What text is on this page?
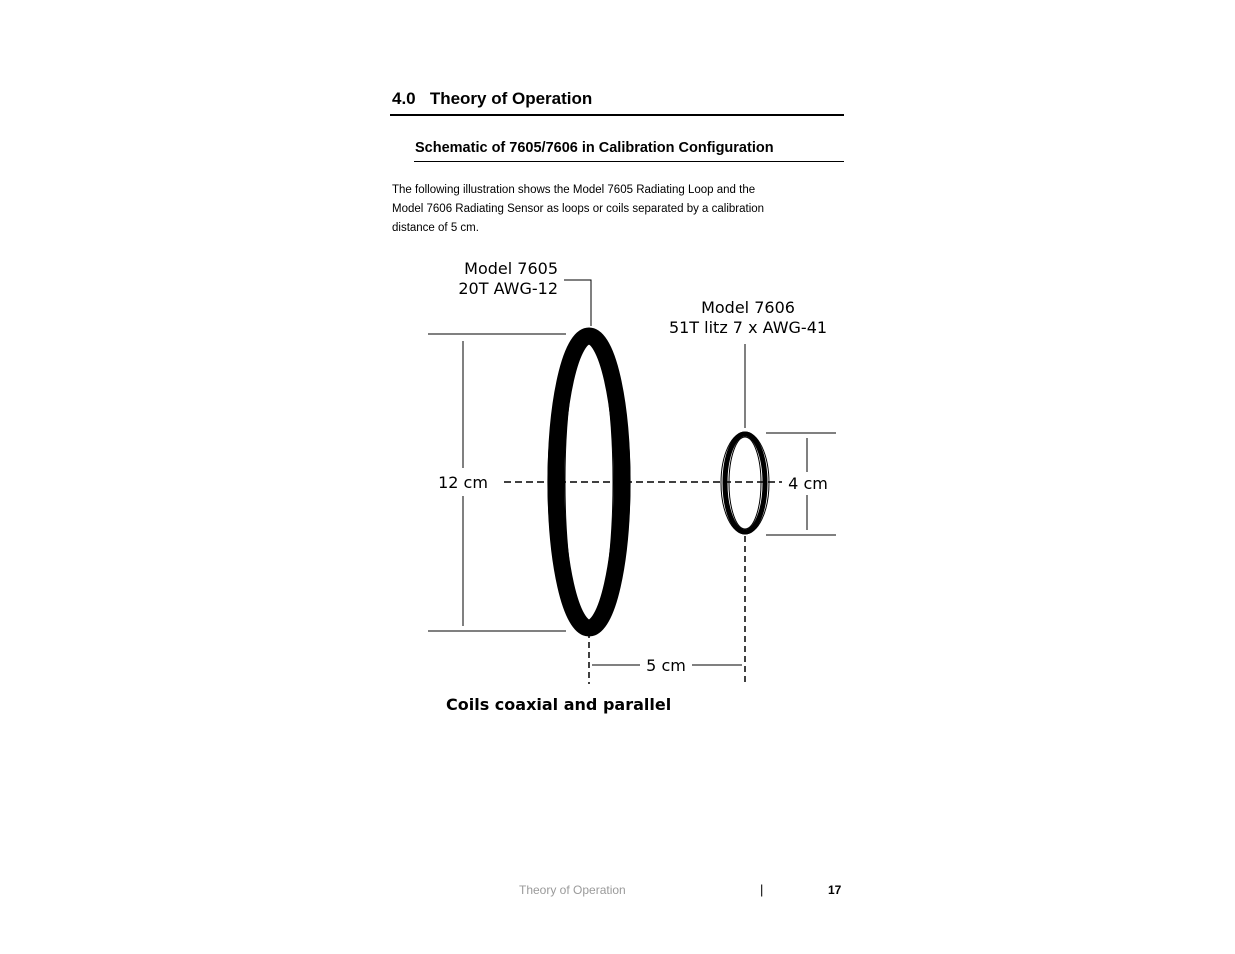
4.0 Theory of Operation
Schematic of 7605/7606 in Calibration Configuration
The following illustration shows the Model 7605 Radiating Loop and the
Model 7606 Radiating Sensor as loops or coils separated by a calibration
distance of 5 cm.
Model 7605
20T AWG-12
Model 7606
51T litz 7 x AWG-41
12 cm	4 cm
5 cm
Coils coaxial and parallel
Theory of Operation	|	17
